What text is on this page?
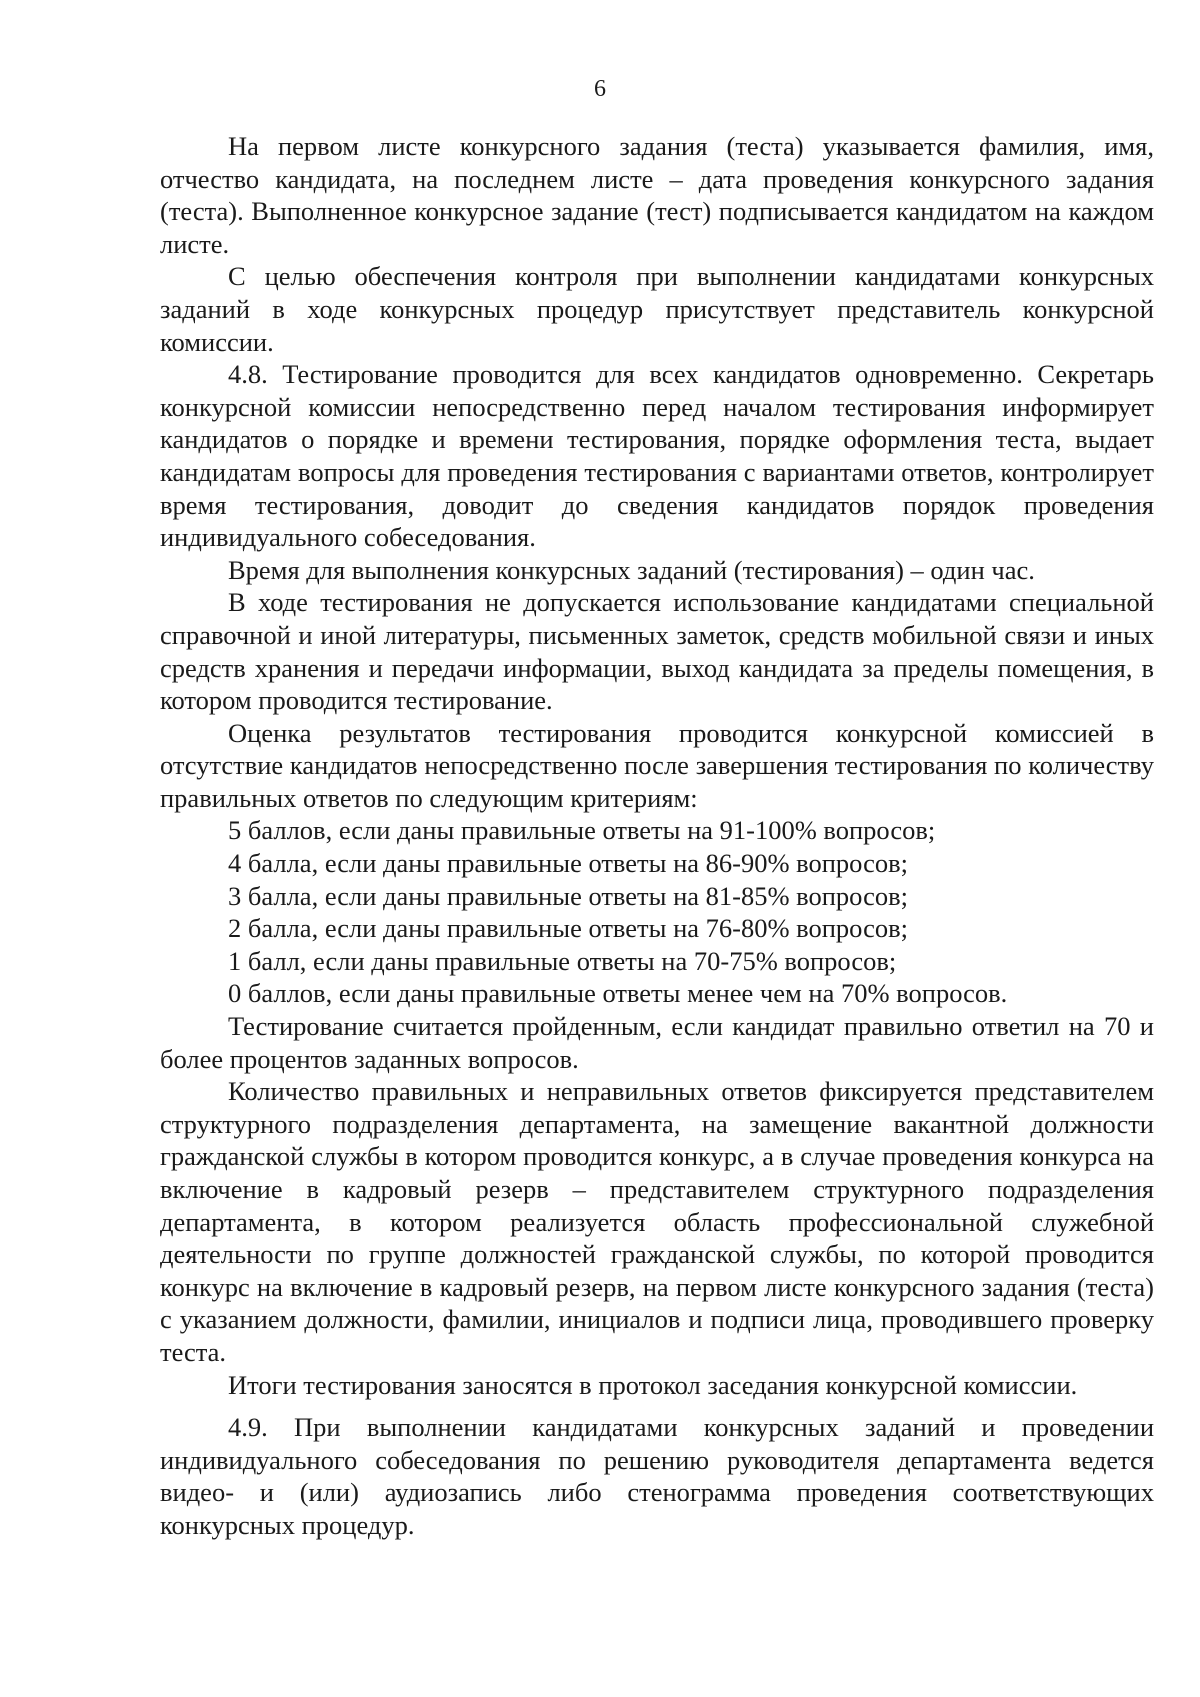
6

На первом листе конкурсного задания (теста) указывается фамилия, имя, отчество кандидата, на последнем листе – дата проведения конкурсного задания (теста). Выполненное конкурсное задание (тест) подписывается кандидатом на каждом листе.

С целью обеспечения контроля при выполнении кандидатами конкурсных заданий в ходе конкурсных процедур присутствует представитель конкурсной комиссии.

4.8. Тестирование проводится для всех кандидатов одновременно. Секретарь конкурсной комиссии непосредственно перед началом тестирования информирует кандидатов о порядке и времени тестирования, порядке оформления теста, выдает кандидатам вопросы для проведения тестирования с вариантами ответов, контролирует время тестирования, доводит до сведения кандидатов порядок проведения индивидуального собеседования.

Время для выполнения конкурсных заданий (тестирования) – один час.

В ходе тестирования не допускается использование кандидатами специальной справочной и иной литературы, письменных заметок, средств мобильной связи и иных средств хранения и передачи информации, выход кандидата за пределы помещения, в котором проводится тестирование.

Оценка результатов тестирования проводится конкурсной комиссией в отсутствие кандидатов непосредственно после завершения тестирования по количеству правильных ответов по следующим критериям:

5 баллов, если даны правильные ответы на 91-100% вопросов;
4 балла, если даны правильные ответы на 86-90% вопросов;
3 балла, если даны правильные ответы на 81-85% вопросов;
2 балла, если даны правильные ответы на 76-80% вопросов;
1 балл, если даны правильные ответы на 70-75% вопросов;
0 баллов, если даны правильные ответы менее чем на 70% вопросов.

Тестирование считается пройденным, если кандидат правильно ответил на 70 и более процентов заданных вопросов.

Количество правильных и неправильных ответов фиксируется представителем структурного подразделения департамента, на замещение вакантной должности гражданской службы в котором проводится конкурс, а в случае проведения конкурса на включение в кадровый резерв – представителем структурного подразделения департамента, в котором реализуется область профессиональной служебной деятельности по группе должностей гражданской службы, по которой проводится конкурс на включение в кадровый резерв, на первом листе конкурсного задания (теста) с указанием должности, фамилии, инициалов и подписи лица, проводившего проверку теста.

Итоги тестирования заносятся в протокол заседания конкурсной комиссии.

4.9. При выполнении кандидатами конкурсных заданий и проведении индивидуального собеседования по решению руководителя департамента ведется видео- и (или) аудиозапись либо стенограмма проведения соответствующих конкурсных процедур.
